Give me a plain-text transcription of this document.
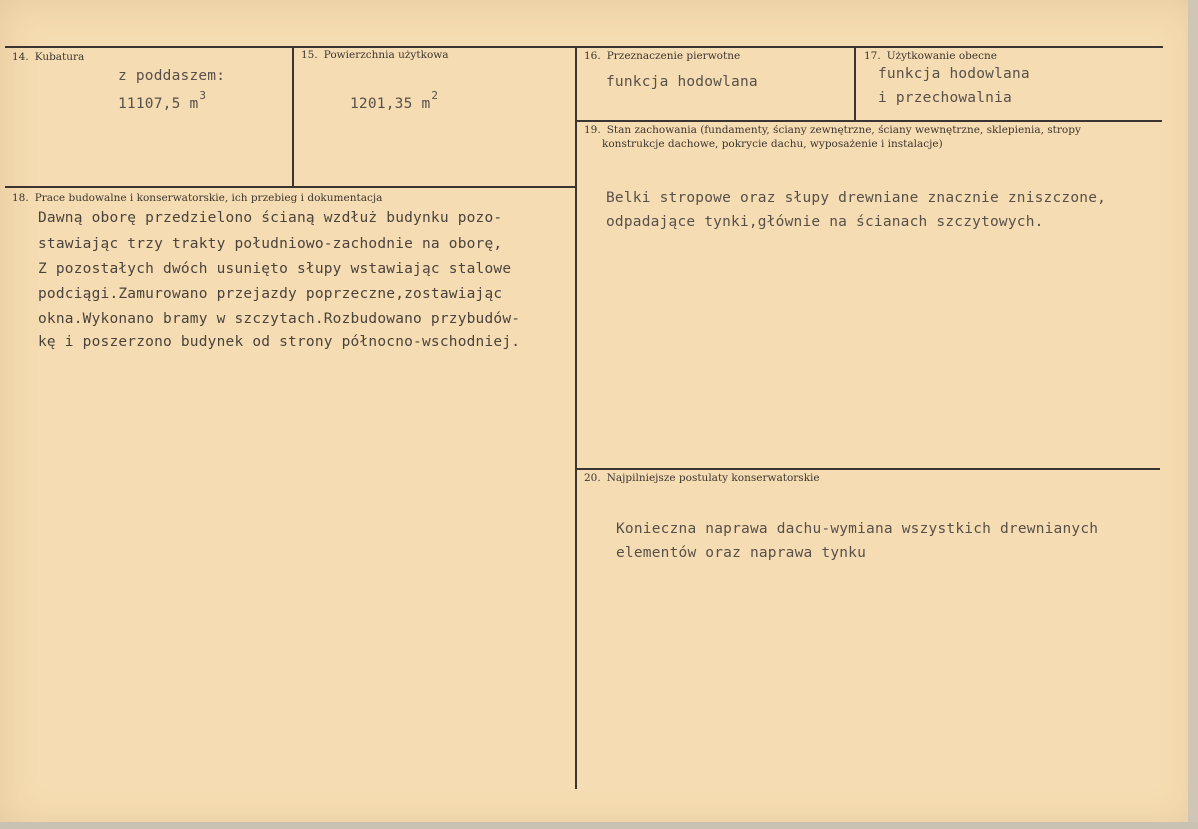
14. Kubatura
z poddaszem:
11107,5 $m^3$
15. Powierzchnia użytkowa
1201,35 $m^2$
16. Przeznaczenie pierwotne
funkcja hodowlana
17. Użytkowanie obecne
funkcja hodowlana
i przechowalnia
18. Prace budowalne i konserwatorskie, ich przebieg i dokumentacja
Dawną oborę przedzielono ścianą wzdłuż budynku pozo-
stawiając trzy trakty południowo-zachodnie na oborę,
Z pozostałych dwóch usunięto słupy wstawiając stalowe
podciągi.Zamurowano przejazdy poprzeczne,zostawiając
okna.Wykonano bramy w szczytach.Rozbudowano przybudów-
kę i poszerzono budynek od strony północno-wschodniej.
19. Stan zachowania (fundamenty, ściany zewnętrzne, ściany wewnętrzne, sklepienia, stropy
konstrukcje dachowe, pokrycie dachu, wyposażenie i instalacje)
Belki stropowe oraz słupy drewniane znacznie zniszczone,
odpadające tynki,głównie na ścianach szczytowych.
20. Najpilniejsze postulaty konserwatorskie
Konieczna naprawa dachu-wymiana wszystkich drewnianych
elementów oraz naprawa tynku
